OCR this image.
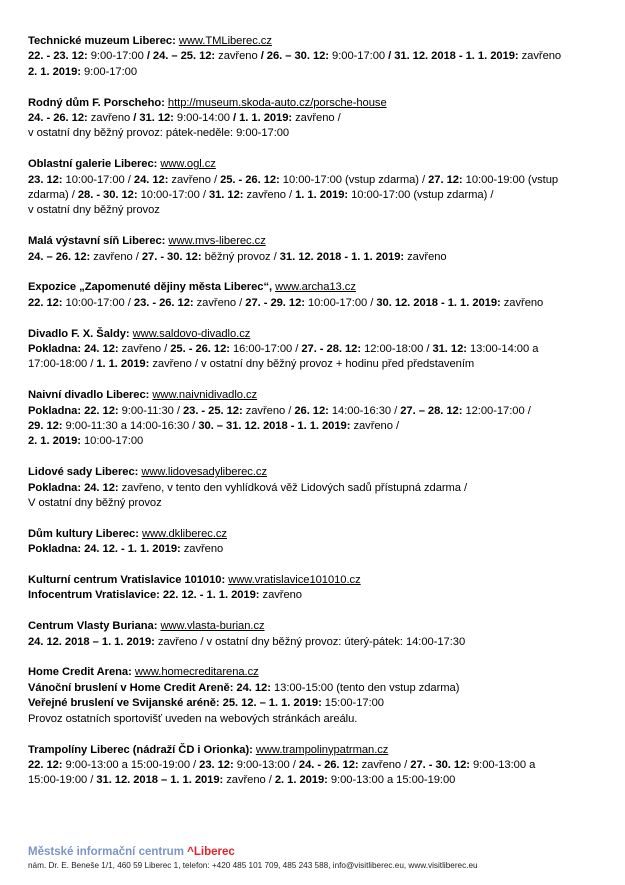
Technické muzeum Liberec: www.TMLiberec.cz
22. - 23. 12: 9:00-17:00 / 24. – 25. 12: zavřeno / 26. – 30. 12: 9:00-17:00 / 31. 12. 2018 - 1. 1. 2019: zavřeno
2. 1. 2019: 9:00-17:00
Rodný dům F. Porscheho: http://museum.skoda-auto.cz/porsche-house
24. - 26. 12: zavřeno / 31. 12: 9:00-14:00 / 1. 1. 2019: zavřeno /
v ostatní dny běžný provoz: pátek-neděle: 9:00-17:00
Oblastní galerie Liberec: www.ogl.cz
23. 12: 10:00-17:00 / 24. 12: zavřeno / 25. - 26. 12: 10:00-17:00 (vstup zdarma) / 27. 12: 10:00-19:00 (vstup
zdarma) / 28. - 30. 12: 10:00-17:00 / 31. 12: zavřeno / 1. 1. 2019: 10:00-17:00 (vstup zdarma) /
v ostatní dny běžný provoz
Malá výstavní síň Liberec: www.mvs-liberec.cz
24. – 26. 12: zavřeno / 27. - 30. 12: běžný provoz / 31. 12. 2018 - 1. 1. 2019: zavřeno
Expozice „Zapomenuté dějiny města Liberec“, www.archa13.cz
22. 12: 10:00-17:00 / 23. - 26. 12: zavřeno / 27. - 29. 12: 10:00-17:00 / 30. 12. 2018 - 1. 1. 2019: zavřeno
Divadlo F. X. Šaldy: www.saldovo-divadlo.cz
Pokladna: 24. 12: zavřeno / 25. - 26. 12: 16:00-17:00 / 27. - 28. 12: 12:00-18:00 / 31. 12: 13:00-14:00 a
17:00-18:00 / 1. 1. 2019: zavřeno / v ostatní dny běžný provoz + hodinu před představením
Naivní divadlo Liberec: www.naivnidivadlo.cz
Pokladna: 22. 12: 9:00-11:30 / 23. - 25. 12: zavřeno / 26. 12: 14:00-16:30 / 27. – 28. 12: 12:00-17:00 /
29. 12: 9:00-11:30 a 14:00-16:30 / 30. – 31. 12. 2018 - 1. 1. 2019: zavřeno /
2. 1. 2019: 10:00-17:00
Lidové sady Liberec: www.lidovesadyliberec.cz
Pokladna: 24. 12: zavřeno, v tento den vyhlídková věž Lidových sadů přístupná zdarma /
V ostatní dny běžný provoz
Dům kultury Liberec: www.dkliberec.cz
Pokladna: 24. 12. - 1. 1. 2019: zavřeno
Kulturní centrum Vratislavice 101010: www.vratislavice101010.cz
Infocentrum Vratislavice: 22. 12. - 1. 1. 2019: zavřeno
Centrum Vlasty Buriana: www.vlasta-burian.cz
24. 12. 2018 – 1. 1. 2019: zavřeno / v ostatní dny běžný provoz: úterý-pátek: 14:00-17:30
Home Credit Arena: www.homecreditarena.cz
Vánoční bruslení v Home Credit Areně: 24. 12: 13:00-15:00 (tento den vstup zdarma)
Veřejné bruslení ve Svijanské aréně: 25. 12. – 1. 1. 2019: 15:00-17:00
Provoz ostatních sportovišť uveden na webových stránkách areálu.
Trampolíny Liberec (nádraží ČD i Orionka): www.trampolinypatrman.cz
22. 12: 9:00-13:00 a 15:00-19:00 / 23. 12: 9:00-13:00 / 24. - 26. 12: zavřeno / 27. - 30. 12: 9:00-13:00 a
15:00-19:00 / 31. 12. 2018 – 1. 1. 2019: zavřeno / 2. 1. 2019: 9:00-13:00 a 15:00-19:00
Městské informační centrum ^Liberec
nám. Dr. E. Beneše 1/1, 460 59 Liberec 1, telefon: +420 485 101 709, 485 243 588, info@visitliberec.eu, www.visitliberec.eu
